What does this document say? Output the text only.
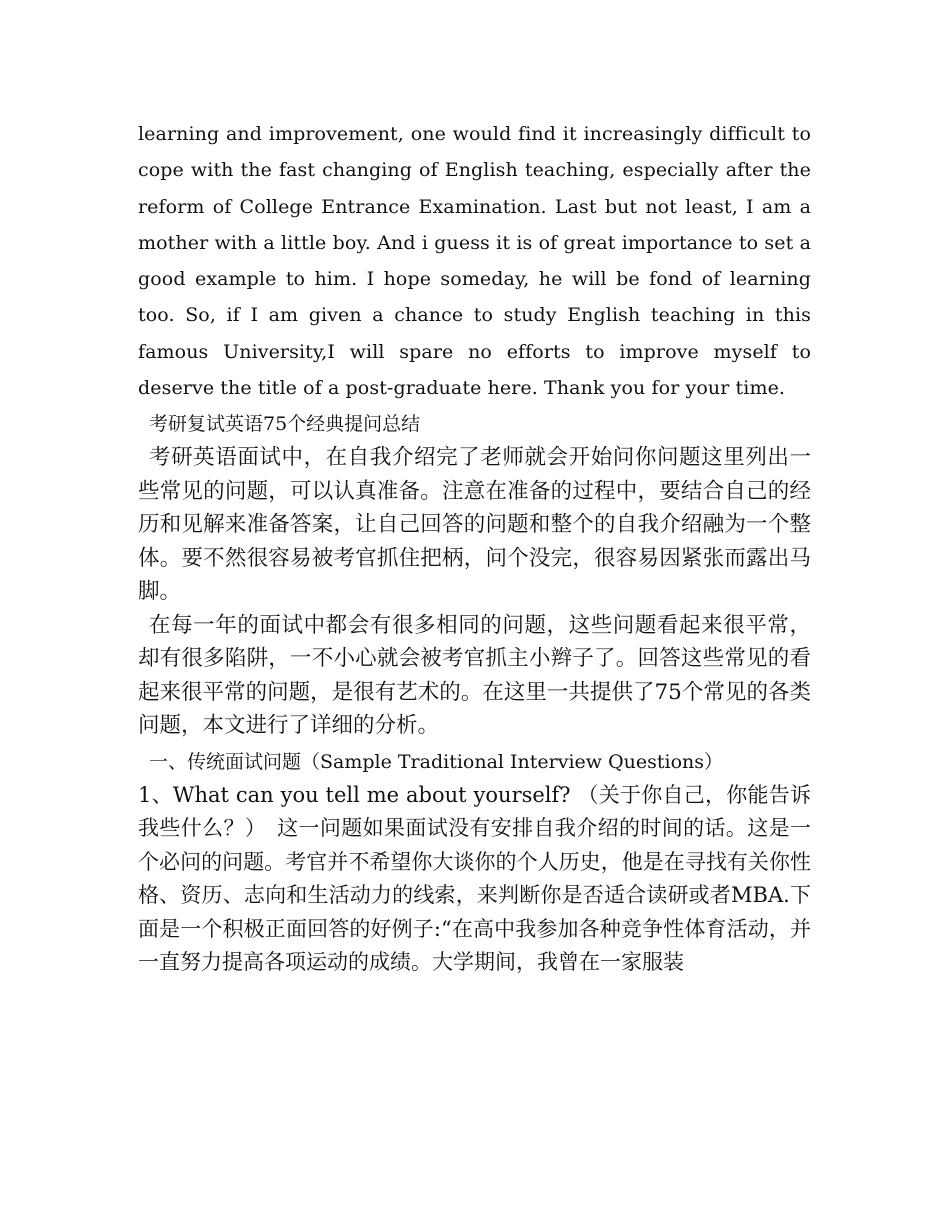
learning and improvement, one would find it increasingly difficult to cope with the fast changing of English teaching, especially after the reform of College Entrance Examination. Last but not least, I am a mother with a little boy. And i guess it is of great importance to set a good example to him. I hope someday, he will be fond of learning too. So, if I am given a chance to study English teaching in this famous University,I will spare no efforts to improve myself to deserve the title of a post-graduate here. Thank you for your time.

考研复试英语75个经典提问总结

考研英语面试中，在自我介绍完了老师就会开始问你问题这里列出一些常见的问题，可以认真准备。注意在准备的过程中，要结合自己的经历和见解来准备答案，让自己回答的问题和整个的自我介绍融为一个整体。要不然很容易被考官抓住把柄，问个没完，很容易因紧张而露出马脚。

在每一年的面试中都会有很多相同的问题，这些问题看起来很平常，却有很多陷阱，一不小心就会被考官抓主小辫子了。回答这些常见的看起来很平常的问题，是很有艺术的。在这里一共提供了75个常见的各类问题，本文进行了详细的分析。

一、传统面试问题（Sample Traditional Interview Questions）

1、What can you tell me about yourself? （关于你自己，你能告诉我些什么？）　这一问题如果面试没有安排自我介绍的时间的话。这是一个必问的问题。考官并不希望你大谈你的个人历史，他是在寻找有关你性格、资历、志向和生活动力的线索，来判断你是否适合读研或者MBA.下面是一个积极正面回答的好例子:“在高中我参加各种竞争性体育活动，并一直努力提高各项运动的成绩。大学期间，我曾在一家服装
